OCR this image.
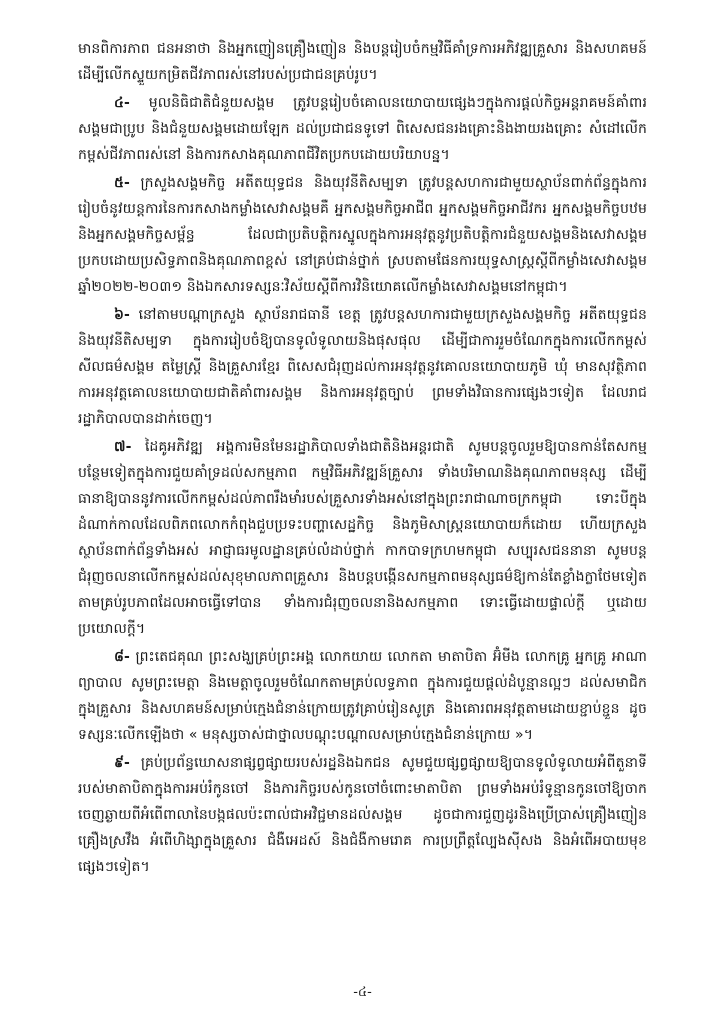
មានពិការភាព ជនអនាថា និងអ្នកញៀនគ្រឿងញៀន និងបន្តរៀបចំកម្មវិធីគាំទ្រការអភិវឌ្ឍគ្រួសារ និងសហគមន៍ ដើម្បីលើកស្ទួយកម្រិតជីវភាពរស់នៅរបស់ប្រជាជនគ្រប់រូប។

៤- មូលនិធិជាតិជំនួយសង្គម ត្រូវបន្តរៀបចំគោលនយោបាយផ្សេងៗក្នុងការផ្តល់កិច្ចអន្តរាគមន៍គាំពារសង្គមជាប្រូប និងជំនួយសង្គមដោយឡែក ដល់ប្រជាជនទូទៅ ពិសេសជនរងគ្រោះនិងងាយរងគ្រោះ សំដៅលើកកម្ពស់ជីវភាពរស់នៅ និងការកសាងគុណភាពជីវិតប្រកបដោយបរិយាបន្ន។

៥- ក្រសួងសង្គមកិច្ច អតីតយុទ្ធជន និងយុវនីតិសម្បទា ត្រូវបន្តសហការជាមួយស្ថាប័នពាក់ព័ន្ធក្នុងការរៀបចំនូវយន្តការនៃការកសាងកម្លាំងសេវាសង្គមគឺ អ្នកសង្គមកិច្ចអាជីព អ្នកសង្គមកិច្ចអាជីវករ អ្នកសង្គមកិច្ចបឋម និងអ្នកសង្គមកិច្ចសម្ព័ន្ធ ដែលជាប្រតិបត្តិករស្នូលក្នុងការអនុវត្តនូវប្រតិបត្តិការជំនួយសង្គមនិងសេវាសង្គម ប្រកបដោយប្រសិទ្ធភាពនិងគុណភាពខ្ពស់ នៅគ្រប់ជាន់ថ្នាក់ ស្របតាមផែនការយុទ្ធសាស្ត្រស្តីពីកម្លាំងសេវាសង្គម ឆ្នាំ២០២២-២០៣១ និងឯកសារទស្សនៈវិស័យស្តីពីការវិនិយោគលើកម្លាំងសេវាសង្គមនៅកម្ពុជា។

៦- នៅតាមបណ្តាក្រសួង ស្ថាប័នរាជធានី ខេត្ត ត្រូវបន្តសហការជាមួយក្រសួងសង្គមកិច្ច អតីតយុទ្ធជន និងយុវនីតិសម្បទា ក្នុងការរៀបចំឱ្យបានទូលំទូលាយនិងផុសផុល ដើម្បីជាការរួមចំណែកក្នុងការលើកកម្ពស់សីលធម៌សង្គម តម្លៃស្ត្រី និងគ្រួសារខ្មែរ ពិសេសជំរុញដល់ការអនុវត្តនូវគោលនយោបាយភូមិ ឃុំ មានសុវត្ថិភាព ការអនុវត្តគោលនយោបាយជាតិគាំពារសង្គម និងការអនុវត្តច្បាប់ ព្រមទាំងវិធានការផ្សេងៗទៀត ដែលរាជរដ្ឋាភិបាលបានដាក់ចេញ។

៧- ដៃគូអភិវឌ្ឍ អង្គការមិនមែនរដ្ឋាភិបាលទាំងជាតិនិងអន្តរជាតិ សូមបន្តចូលរួមឱ្យបានកាន់តែសកម្មបន្ថែមទៀតក្នុងការជួយគាំទ្រដល់សកម្មភាព កម្មវិធីអភិវឌ្ឍន៍គ្រួសារ ទាំងបរិមាណនិងគុណភាពមនុស្ស ដើម្បីធានាឱ្យបាននូវការលើកកម្ពស់ដល់ភាពរឹងមាំរបស់គ្រួសារទាំងអស់នៅក្នុងព្រះរាជាណាចក្រកម្ពុជា ទោះបីក្នុងដំណាក់កាលដែលពិភពលោកកំពុងជួបប្រទះបញ្ហាសេដ្ឋកិច្ច និងភូមិសាស្ត្រនយោបាយក៏ដោយ ហើយក្រសួង ស្ថាប័នពាក់ព័ន្ធទាំងអស់ អាជ្ញាធរមូលដ្ឋានគ្រប់លំដាប់ថ្នាក់ កាកបាទក្រហមកម្ពុជា សប្បុរសជននានា សូមបន្តជំរុញចលនាលើកកម្ពស់ដល់សុខុមាលភាពគ្រួសារ និងបន្តបង្កើនសកម្មភាពមនុស្សធម៌ឱ្យកាន់តែខ្លាំងក្លាថែមទៀត តាមគ្រប់រូបភាពដែលអាចធ្វើទៅបាន ទាំងការជំរុញចលនានិងសកម្មភាព ទោះធ្វើដោយផ្ទាល់ក្តី ឬដោយប្រយោលក្តី។

៨- ព្រះតេជគុណ ព្រះសង្ឃគ្រប់ព្រះអង្គ លោកយាយ លោកតា មាតាបិតា អ៊ំមីង លោកគ្រូ អ្នកគ្រូ អាណាព្យាបាល សូមព្រះមេត្តា និងមេត្តាចូលរួមចំណែកតាមគ្រប់លទ្ធភាព ក្នុងការជួយផ្តល់ដំបូន្មានល្អៗ ដល់សមាជិកក្នុងគ្រួសារ និងសហគមន៍សម្រាប់ក្មេងជំនាន់ក្រោយត្រូវគ្រាប់រៀនសូត្រ និងគោរពអនុវត្តតាមដោយខ្ជាប់ខ្ជួន ដូចទស្សនៈលើកឡើងថា « មនុស្សចាស់ជាថ្នាលបណ្តុះបណ្តាលសម្រាប់ក្មេងជំនាន់ក្រោយ »។

៩- គ្រប់ប្រព័ន្ធឃោសនាផ្សព្វផ្សាយរបស់រដ្ឋនិងឯកជន សូមជួយផ្សព្វផ្សាយឱ្យបានទូលំទូលាយអំពីតួនាទីរបស់មាតាបិតាក្នុងការអប់រំកូនចៅ និងភារកិច្ចរបស់កូនចៅចំពោះមាតាបិតា ព្រមទាំងអប់រំទូន្មានកូនចៅឱ្យចាកចេញឆ្ងាយពីអំពើពាលានៃបង្កផលប៉ះពាល់ជាអវិជ្ជមានដល់សង្គម ដូចជាការជួញដូរនិងប្រើប្រាស់គ្រឿងញៀន គ្រឿងស្រវឹង អំពើហិង្សាក្នុងគ្រួសារ ជំងឺអេដស៍ និងជំងឺកាមរោគ ការប្រព្រឹត្តល្បែងស៊ីសង និងអំពើអបាយមុខផ្សេងៗទៀត។

-៤-
